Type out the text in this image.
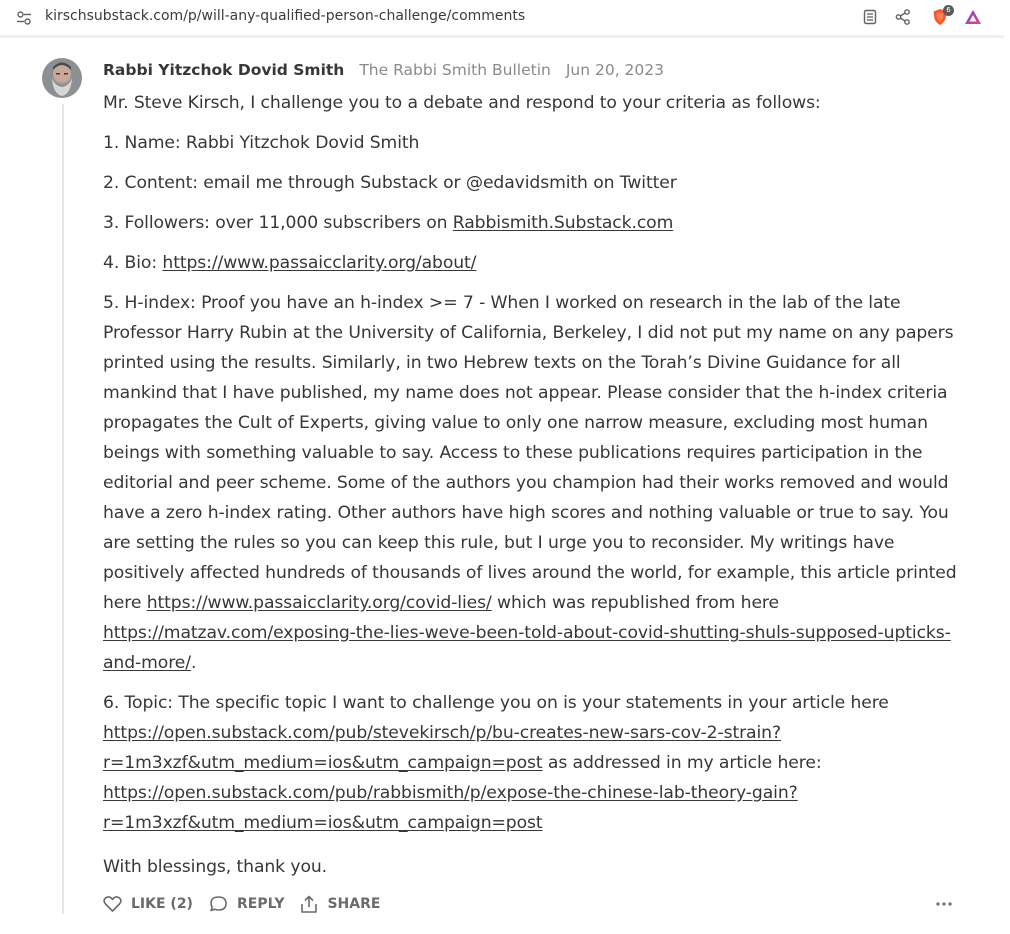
kirschsubstack.com/p/will-any-qualified-person-challenge/comments	6
Rabbi Yitzchok Dovid Smith The Rabbi Smith Bulletin Jun 20, 2023

Mr. Steve Kirsch, I challenge you to a debate and respond to your criteria as follows:

1. Name: Rabbi Yitzchok Dovid Smith

2. Content: email me through Substack or @edavidsmith on Twitter

3. Followers: over 11,000 subscribers on Rabbismith.Substack.com

4. Bio: https://www.passaicclarity.org/about/

5. H-index: Proof you have an h-index >= 7 - When I worked on research in the lab of the late Professor Harry Rubin at the University of California, Berkeley, I did not put my name on any papers printed using the results. Similarly, in two Hebrew texts on the Torah’s Divine Guidance for all mankind that I have published, my name does not appear. Please consider that the h-index criteria propagates the Cult of Experts, giving value to only one narrow measure, excluding most human beings with something valuable to say. Access to these publications requires participation in the editorial and peer scheme. Some of the authors you champion had their works removed and would have a zero h-index rating. Other authors have high scores and nothing valuable or true to say. You are setting the rules so you can keep this rule, but I urge you to reconsider. My writings have positively affected hundreds of thousands of lives around the world, for example, this article printed here https://www.passaicclarity.org/covid-lies/ which was republished from here https://matzav.com/exposing-the-lies-weve-been-told-about-covid-shutting-shuls-supposed-upticks-and-more/.

6. Topic: The specific topic I want to challenge you on is your statements in your article here
https://open.substack.com/pub/stevekirsch/p/bu-creates-new-sars-cov-2-strain?
r=1m3xzf&utm_medium=ios&utm_campaign=post as addressed in my article here:
https://open.substack.com/pub/rabbismith/p/expose-the-chinese-lab-theory-gain?
r=1m3xzf&utm_medium=ios&utm_campaign=post

With blessings, thank you.

LIKE (2)	REPLY	SHARE
